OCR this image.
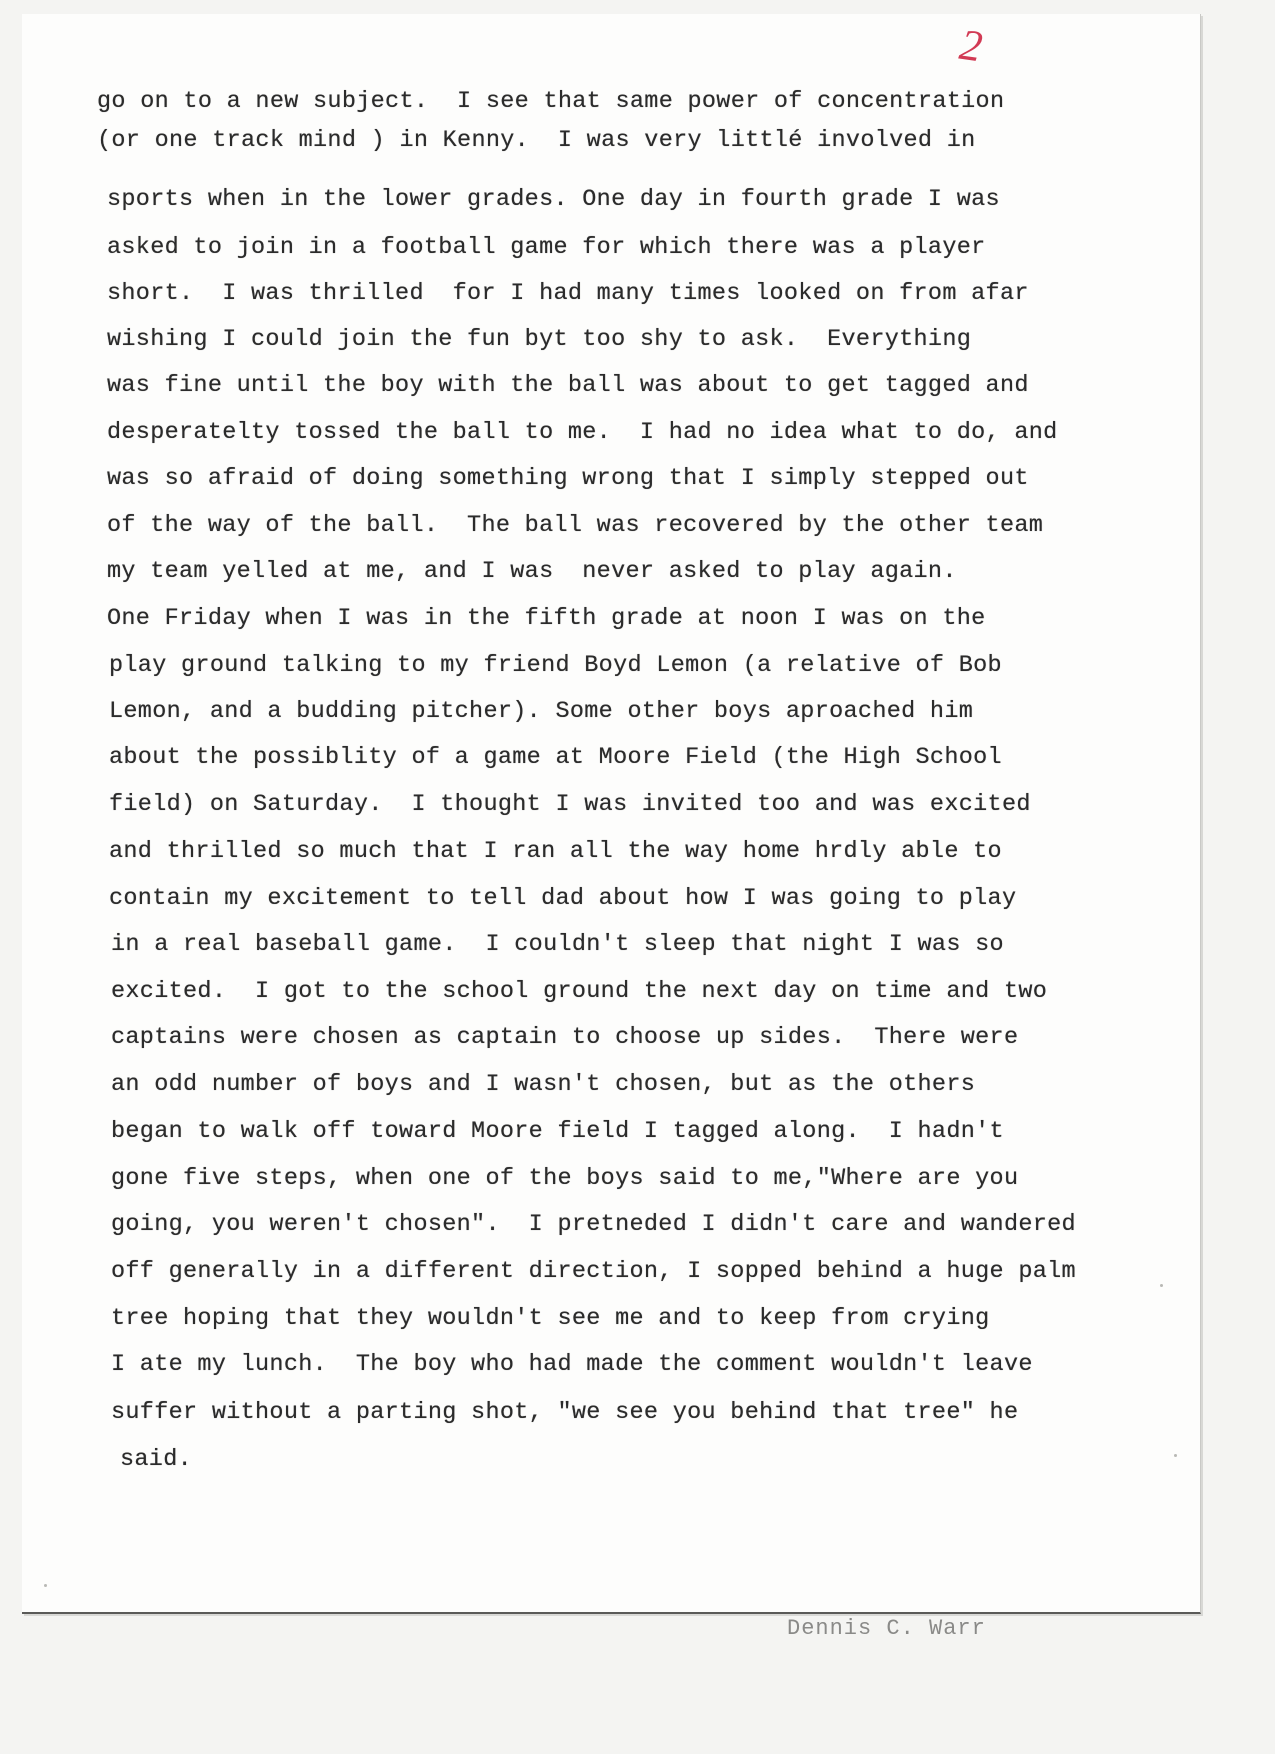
2
go on to a new subject.  I see that same power of concentration
(or one track mind ) in Kenny.  I was very littlé involved in
sports when in the lower grades. One day in fourth grade I was
asked to join in a football game for which there was a player
short.  I was thrilled  for I had many times looked on from afar
wishing I could join the fun byt too shy to ask.  Everything
was fine until the boy with the ball was about to get tagged and
desperatelty tossed the ball to me.  I had no idea what to do, and
was so afraid of doing something wrong that I simply stepped out
of the way of the ball.  The ball was recovered by the other team
my team yelled at me, and I was  never asked to play again.
One Friday when I was in the fifth grade at noon I was on the
play ground talking to my friend Boyd Lemon (a relative of Bob
Lemon, and a budding pitcher). Some other boys aproached him
about the possiblity of a game at Moore Field (the High School
field) on Saturday.  I thought I was invited too and was excited
and thrilled so much that I ran all the way home hrdly able to
contain my excitement to tell dad about how I was going to play
in a real baseball game.  I couldn't sleep that night I was so
excited.  I got to the school ground the next day on time and two
captains were chosen as captain to choose up sides.  There were
an odd number of boys and I wasn't chosen, but as the others
began to walk off toward Moore field I tagged along.  I hadn't
gone five steps, when one of the boys said to me,"Where are you
going, you weren't chosen".  I pretneded I didn't care and wandered
off generally in a different direction, I sopped behind a huge palm
tree hoping that they wouldn't see me and to keep from crying
I ate my lunch.  The boy who had made the comment wouldn't leave
suffer without a parting shot, "we see you behind that tree" he
said.
Dennis C. Warr
